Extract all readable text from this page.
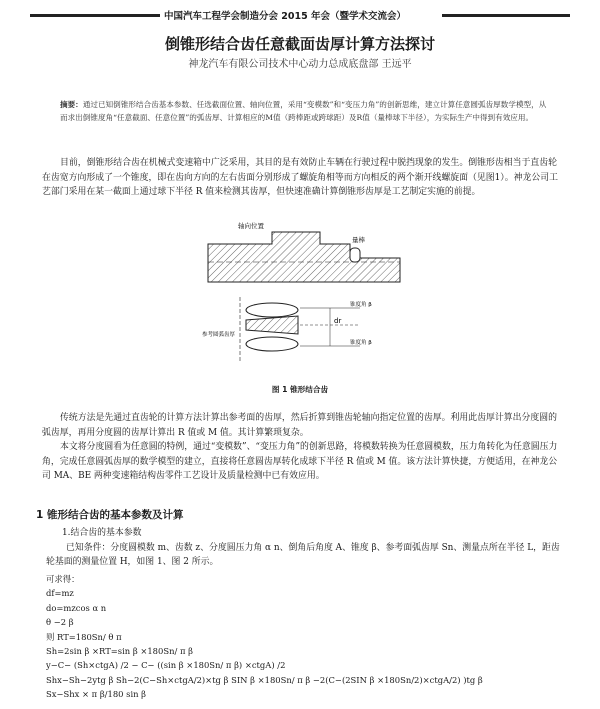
中国汽车工程学会制造分会 2015 年会（暨学术交流会）
倒锥形结合齿任意截面齿厚计算方法探讨
神龙汽车有限公司技术中心动力总成底盘部 王远平
摘要：通过已知倒锥形结合齿基本参数、任选截面位置、轴向位置，采用“变模数”和“变压力角”的创新思维，建立计算任意圆弧齿厚数学模型，从而求出倒锥度角“任意截面、任意位置”的弧齿厚、计算相应的M值（跨棒距或跨球距）及R值（量棒球下半径），为实际生产中得到有效应用。
目前，倒锥形结合齿在机械式变速箱中广泛采用，其目的是有效防止车辆在行驶过程中脱挡现象的发生。倒锥形齿相当于直齿轮在齿宽方向形成了一个锥度，即在齿向方向的左右齿面分别形成了螺旋角相等而方向相反的两个渐开线螺旋面（见图1）。神龙公司工艺部门采用在某一截面上通过球下半径 R 值来检测其齿厚，但快速准确计算倒锥形齿厚是工艺制定实施的前提。
轴向位置
量棒
锥度角 β
dr
锥度角 β
参考圆弧齿厚
图 1 锥形结合齿
传统方法是先通过直齿轮的计算方法计算出参考面的齿厚，然后折算到锥齿轮轴向指定位置的齿厚。利用此齿厚计算出分度圆的弧齿厚，再用分度圆的齿厚计算出 R 值或 M 值。其计算繁琐复杂。
本文将分度圆看为任意圆的特例，通过“变模数”、“变压力角”的创新思路，将模数转换为任意圆模数，压力角转化为任意圆压力角，完成任意圆弧齿厚的数学模型的建立，直接将任意圆齿厚转化成球下半径 R 值或 M 值。该方法计算快捷，方便适用，在神龙公司 MA、BE 两种变速箱结构齿零件工艺设计及质量检测中已有效应用。
1 锥形结合齿的基本参数及计算
1.结合齿的基本参数
已知条件：分度圆模数 m、齿数 z、分度圆压力角 α n、倒角后角度 A、锥度 β、参考面弧齿厚 Sn、测量点所在半径 L，距齿轮基面的测量位置 H，如图 1、图 2 所示。
可求得：
df=mz
do=mzcos α n
θ −2 β
则 RT=180Sn/ θ π
Sh=2sin β ×RT=sin β ×180Sn/ π β
y−C− (Sh×ctgA) /2 − C− ((sin β ×180Sn/ π β) ×ctgA) /2
Shx−Sh−2ytg β Sh−2(C−Sh×ctgA/2)×tg β SIN β ×180Sn/ π β −2(C−(2SIN β ×180Sn/2)×ctgA/2) )tg β
Sx−Shx × π β/180 sin β
